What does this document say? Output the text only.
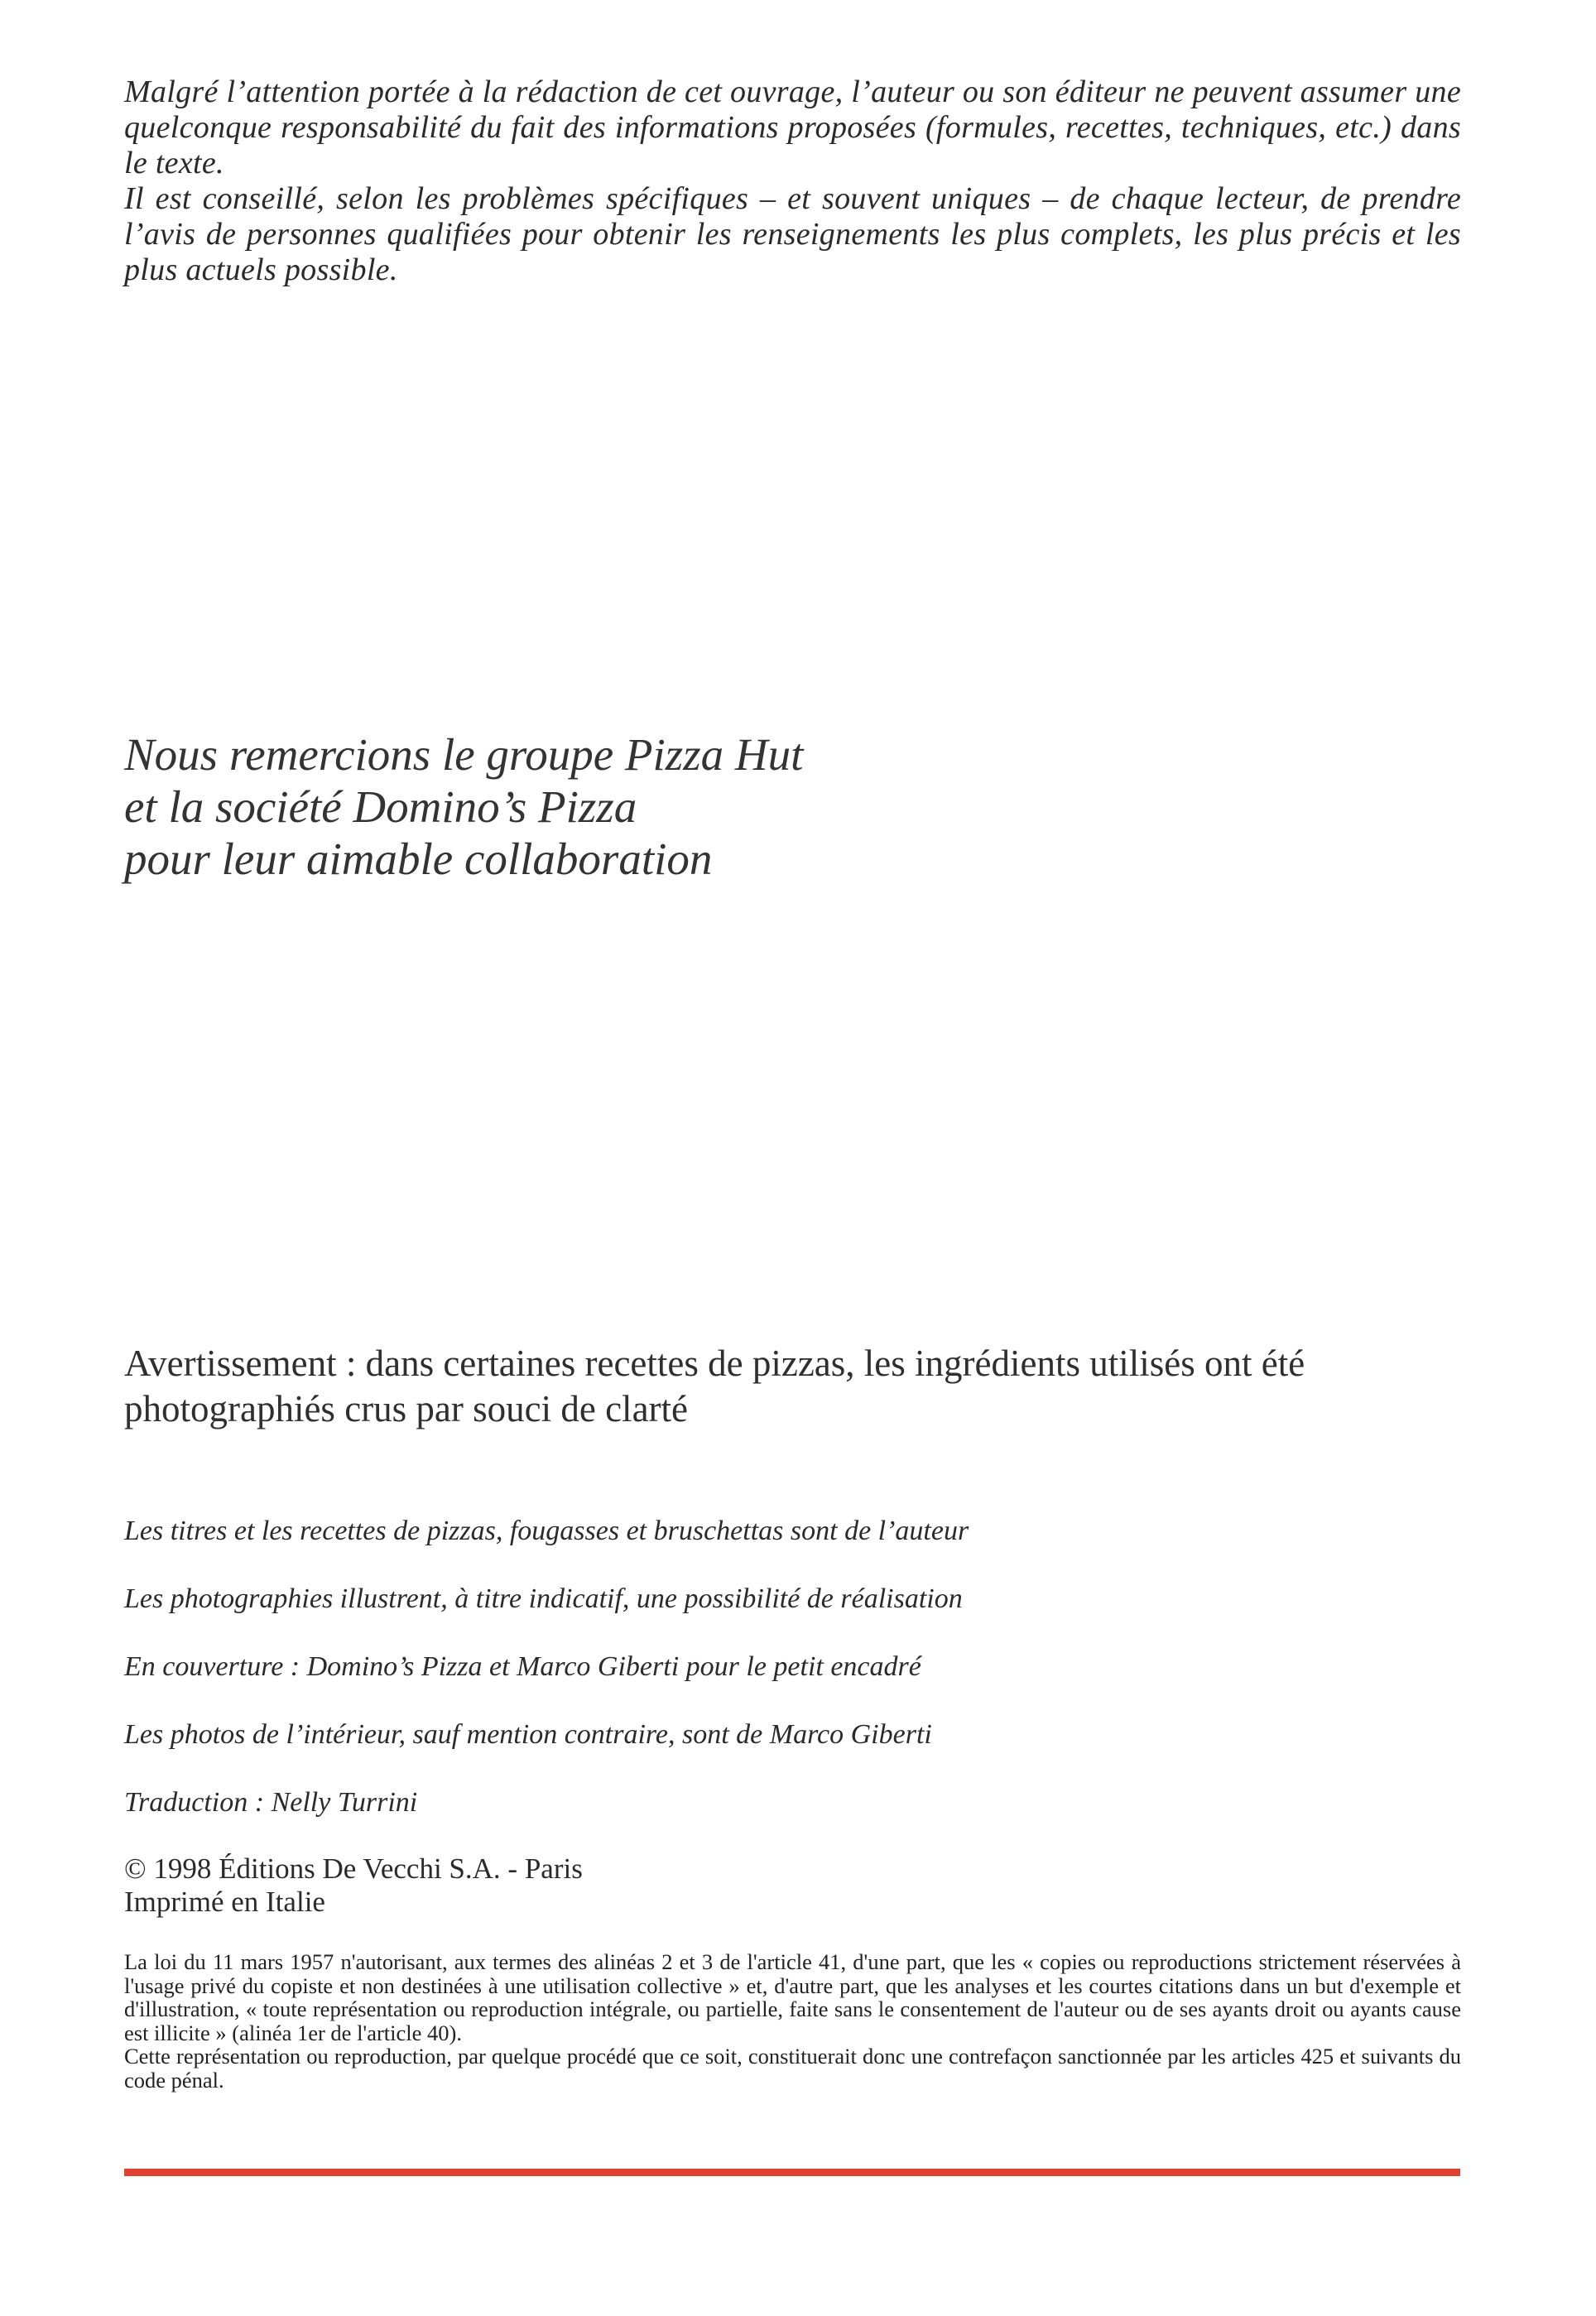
Malgré l’attention portée à la rédaction de cet ouvrage, l’auteur ou son éditeur ne peuvent assumer une quelconque responsabilité du fait des informations proposées (formules, recettes, techniques, etc.) dans le texte.

Il est conseillé, selon les problèmes spécifiques – et souvent uniques – de chaque lecteur, de prendre l’avis de personnes qualifiées pour obtenir les renseignements les plus complets, les plus précis et les plus actuels possible.

Nous remercions le groupe Pizza Hut
et la société Domino’s Pizza
pour leur aimable collaboration
Avertissement : dans certaines recettes de pizzas, les ingrédients utilisés ont été photographiés crus par souci de clarté
Les titres et les recettes de pizzas, fougasses et bruschettas sont de l’auteur
Les photographies illustrent, à titre indicatif, une possibilité de réalisation
En couverture : Domino’s Pizza et Marco Giberti pour le petit encadré
Les photos de l’intérieur, sauf mention contraire, sont de Marco Giberti
Traduction : Nelly Turrini
© 1998 Éditions De Vecchi S.A. - Paris
Imprimé en Italie

La loi du 11 mars 1957 n'autorisant, aux termes des alinéas 2 et 3 de l'article 41, d'une part, que les « copies ou reproductions strictement réservées à l'usage privé du copiste et non destinées à une utilisation collective » et, d'autre part, que les analyses et les courtes citations dans un but d'exemple et d'illustration, « toute représentation ou reproduction intégrale, ou partielle, faite sans le consentement de l'auteur ou de ses ayants droit ou ayants cause est illicite » (alinéa 1er de l'article 40).

Cette représentation ou reproduction, par quelque procédé que ce soit, constituerait donc une contrefaçon sanctionnée par les articles 425 et suivants du code pénal.
